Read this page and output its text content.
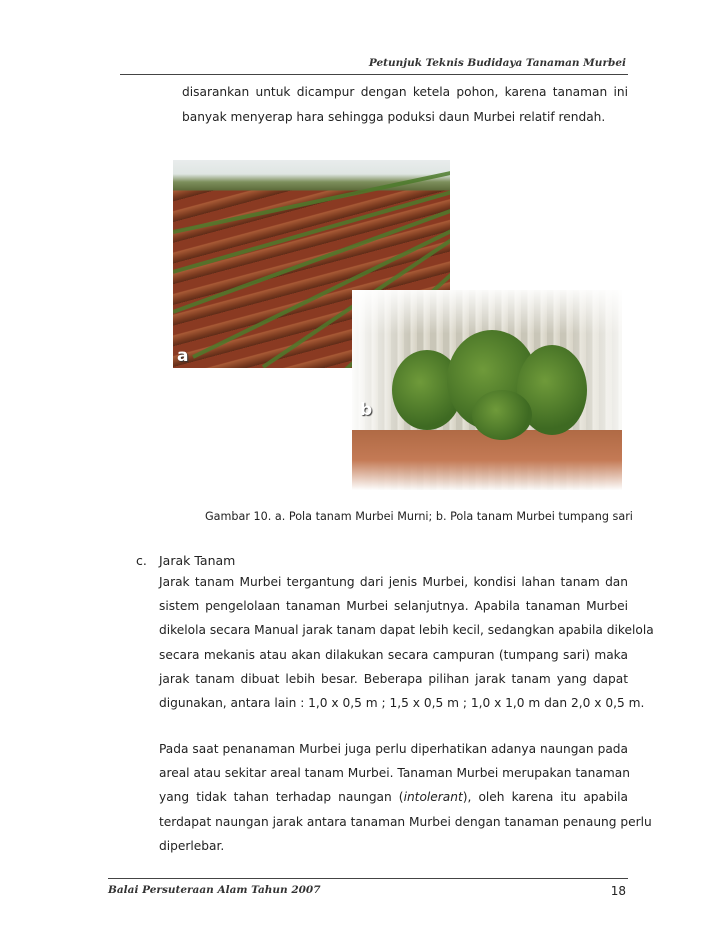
Petunjuk Teknis Budidaya Tanaman Murbei
disarankan untuk dicampur dengan ketela pohon, karena tanaman ini
banyak menyerap hara sehingga poduksi daun Murbei relatif rendah.
a
b
Gambar 10. a. Pola tanam Murbei Murni; b. Pola tanam Murbei tumpang sari
c. Jarak Tanam
Jarak tanam Murbei tergantung dari jenis Murbei, kondisi lahan tanam dan
sistem pengelolaan tanaman Murbei selanjutnya. Apabila tanaman Murbei
dikelola secara Manual jarak tanam dapat lebih kecil, sedangkan apabila dikelola
secara mekanis atau akan dilakukan secara campuran (tumpang sari) maka
jarak tanam dibuat lebih besar. Beberapa pilihan jarak tanam yang dapat
digunakan, antara lain : 1,0 x 0,5 m ; 1,5 x 0,5 m ; 1,0 x 1,0 m dan 2,0 x 0,5 m.
Pada saat penanaman Murbei juga perlu diperhatikan adanya naungan pada
areal atau sekitar areal tanam Murbei. Tanaman Murbei merupakan tanaman
yang tidak tahan terhadap naungan (intolerant), oleh karena itu apabila
terdapat naungan jarak antara tanaman Murbei dengan tanaman penaung perlu
diperlebar.
Balai Persuteraan Alam Tahun 2007	18
